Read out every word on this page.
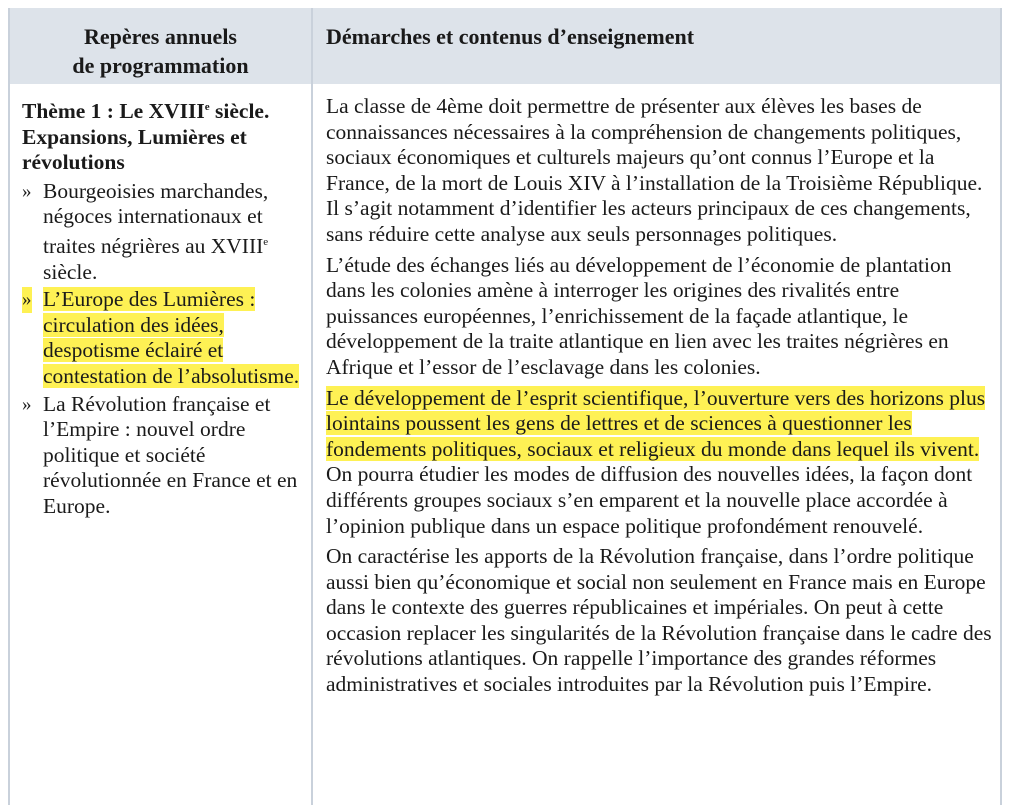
Repères annuels
de programmation
Démarches et contenus d’enseignement

Thème 1 : Le XVIIIe siècle. Expansions, Lumières et révolutions

» Bourgeoisies marchandes, négoces internationaux et traites négrières au XVIIIe siècle.
» L’Europe des Lumières : circulation des idées, despotisme éclairé et contestation de l’absolutisme.
» La Révolution française et l’Empire : nouvel ordre politique et société révolutionnée en France et en Europe.

La classe de 4ème doit permettre de présenter aux élèves les bases de connaissances nécessaires à la compréhension de changements politiques, sociaux économiques et culturels majeurs qu’ont connus l’Europe et la France, de la mort de Louis XIV à l’installation de la Troisième République. Il s’agit notamment d’identifier les acteurs principaux de ces changements, sans réduire cette analyse aux seuls personnages politiques.

L’étude des échanges liés au développement de l’économie de plantation dans les colonies amène à interroger les origines des rivalités entre puissances européennes, l’enrichissement de la façade atlantique, le développement de la traite atlantique en lien avec les traites négrières en Afrique et l’essor de l’esclavage dans les colonies.

Le développement de l’esprit scientifique, l’ouverture vers des horizons plus lointains poussent les gens de lettres et de sciences à questionner les fondements politiques, sociaux et religieux du monde dans lequel ils vivent. On pourra étudier les modes de diffusion des nouvelles idées, la façon dont différents groupes sociaux s’en emparent et la nouvelle place accordée à l’opinion publique dans un espace politique profondément renouvelé.

On caractérise les apports de la Révolution française, dans l’ordre politique aussi bien qu’économique et social non seulement en France mais en Europe dans le contexte des guerres républicaines et impériales. On peut à cette occasion replacer les singularités de la Révolution française dans le cadre des révolutions atlantiques. On rappelle l’importance des grandes réformes administratives et sociales introduites par la Révolution puis l’Empire.
